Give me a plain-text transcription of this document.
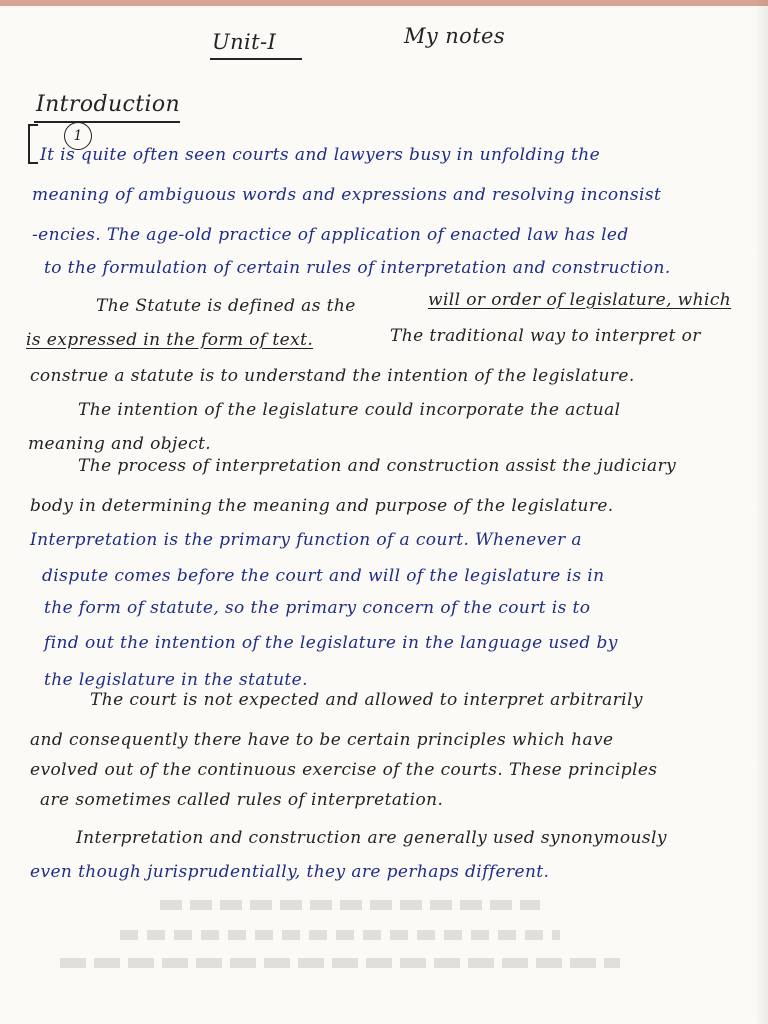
Unit-I	My notes
Introduction
1
It is quite often seen courts and lawyers busy in unfolding the
meaning of ambiguous words and expressions and resolving inconsist
-encies. The age-old practice of application of enacted law has led
to the formulation of certain rules of interpretation and construction.
The Statute is defined as the	will or order of legislature, which
is expressed in the form of text.	The traditional way to interpret or
construe a statute is to understand the intention of the legislature.
The intention of the legislature could incorporate the actual
meaning and object.
The process of interpretation and construction assist the judiciary
body in determining the meaning and purpose of the legislature.
Interpretation is the primary function of a court. Whenever a
dispute comes before the court and will of the legislature is in
the form of statute, so the primary concern of the court is to
find out the intention of the legislature in the language used by
the legislature in the statute.
The court is not expected and allowed to interpret arbitrarily
and consequently there have to be certain principles which have
evolved out of the continuous exercise of the courts. These principles
are sometimes called rules of interpretation.
Interpretation and construction are generally used synonymously
even though jurisprudentially, they are perhaps different.
